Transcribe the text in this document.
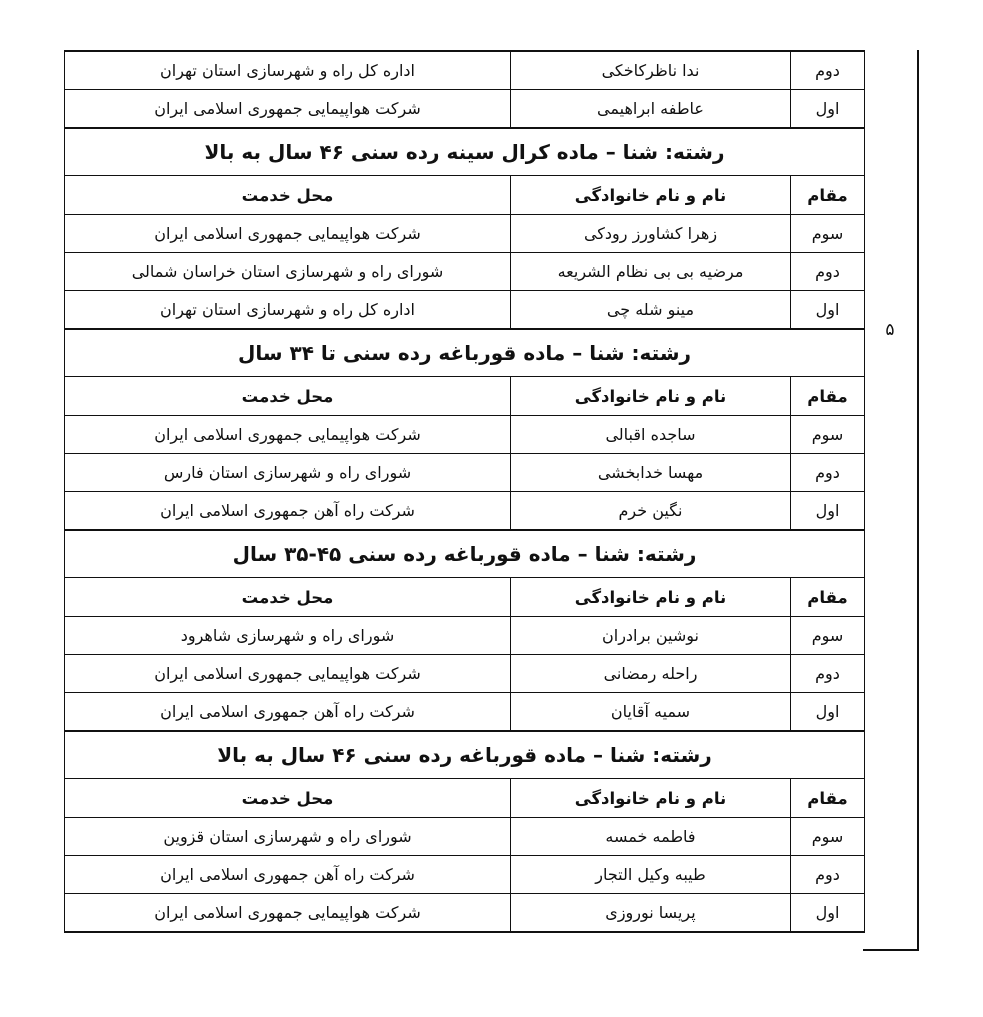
۵
دوم	ندا ناظرکاخکی	اداره کل راه و شهرسازی استان تهران
اول	عاطفه ابراهیمی	شرکت هواپیمایی جمهوری اسلامی ایران
رشته: شنا – ماده کرال سینه رده سنی ۴۶ سال به بالا		
مقام	نام و نام خانوادگی	محل خدمت
سوم	زهرا کشاورز رودکی	شرکت هواپیمایی جمهوری اسلامی ایران
دوم	مرضیه بی بی نظام الشریعه	شورای راه و شهرسازی استان خراسان شمالی
اول	مینو شله چی	اداره کل راه و شهرسازی استان تهران
رشته: شنا – ماده قورباغه رده سنی تا ۳۴ سال		
مقام	نام و نام خانوادگی	محل خدمت
سوم	ساجده اقبالی	شرکت هواپیمایی جمهوری اسلامی ایران
دوم	مهسا خدابخشی	شورای راه و شهرسازی استان فارس
اول	نگین خرم	شرکت راه آهن جمهوری اسلامی ایران
رشته: شنا – ماده قورباغه رده سنی ۴۵-۳۵ سال		
مقام	نام و نام خانوادگی	محل خدمت
سوم	نوشین برادران	شورای راه و شهرسازی شاهرود
دوم	راحله رمضانی	شرکت هواپیمایی جمهوری اسلامی ایران
اول	سمیه آقایان	شرکت راه آهن جمهوری اسلامی ایران
رشته: شنا – ماده قورباغه رده سنی ۴۶ سال به بالا		
مقام	نام و نام خانوادگی	محل خدمت
سوم	فاطمه خمسه	شورای راه و شهرسازی استان قزوین
دوم	طیبه وکیل التجار	شرکت راه آهن جمهوری اسلامی ایران
اول	پریسا نوروزی	شرکت هواپیمایی جمهوری اسلامی ایران
